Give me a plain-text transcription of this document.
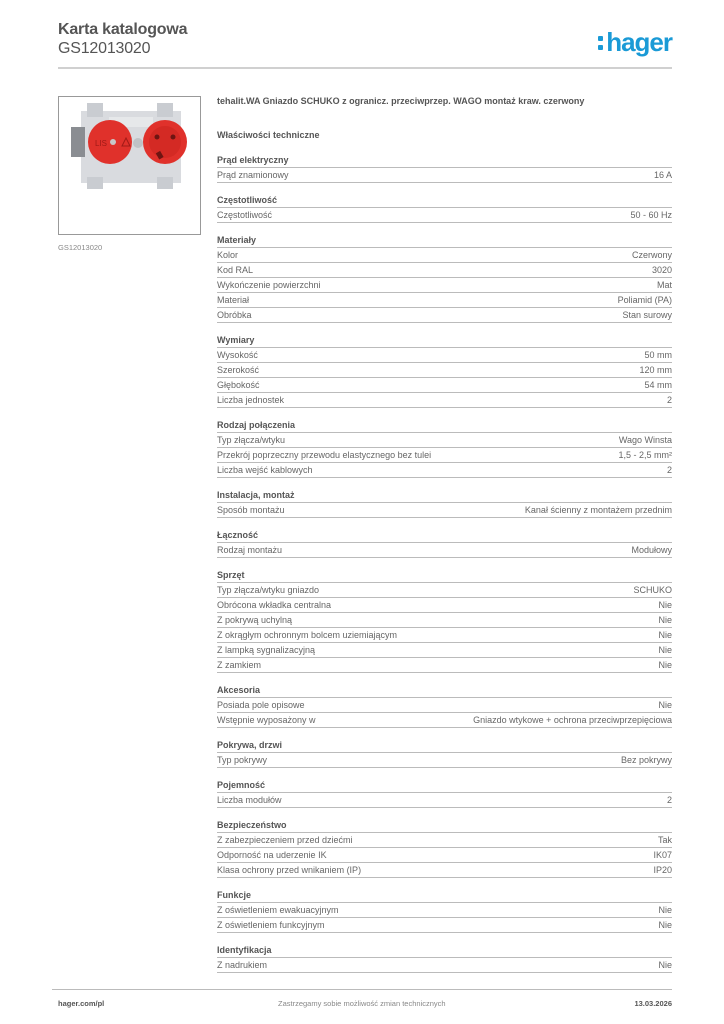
Karta katalogowa
GS12013020	hager
LIS
GS12013020
tehalit.WA Gniazdo SCHUKO z ogranicz. przeciwprzep. WAGO montaż kraw. czerwony
Właściwości techniczne
Prąd elektryczny
Prąd znamionowy	16 A
Częstotliwość
Częstotliwość	50 - 60 Hz
Materiały
Kolor	Czerwony
Kod RAL	3020
Wykończenie powierzchni	Mat
Materiał	Poliamid (PA)
Obróbka	Stan surowy
Wymiary
Wysokość	50 mm
Szerokość	120 mm
Głębokość	54 mm
Liczba jednostek	2
Rodzaj połączenia
Typ złącza/wtyku	Wago Winsta
Przekrój poprzeczny przewodu elastycznego bez tulei	1,5 - 2,5 mm²
Liczba wejść kablowych	2
Instalacja, montaż
Sposób montażu	Kanał ścienny z montażem przednim
Łączność
Rodzaj montażu	Modułowy
Sprzęt
Typ złącza/wtyku gniazdo	SCHUKO
Obrócona wkładka centralna	Nie
Z pokrywą uchylną	Nie
Z okrągłym ochronnym bolcem uziemiającym	Nie
Z lampką sygnalizacyjną	Nie
Z zamkiem	Nie
Akcesoria
Posiada pole opisowe	Nie
Wstępnie wyposażony w	Gniazdo wtykowe + ochrona przeciwprzepięciowa
Pokrywa, drzwi
Typ pokrywy	Bez pokrywy
Pojemność
Liczba modułów	2
Bezpieczeństwo
Z zabezpieczeniem przed dziećmi	Tak
Odporność na uderzenie IK	IK07
Klasa ochrony przed wnikaniem (IP)	IP20
Funkcje
Z oświetleniem ewakuacyjnym	Nie
Z oświetleniem funkcyjnym	Nie
Identyfikacja
Z nadrukiem	Nie
hager.com/pl	Zastrzegamy sobie możliwość zmian technicznych	13.03.2026
